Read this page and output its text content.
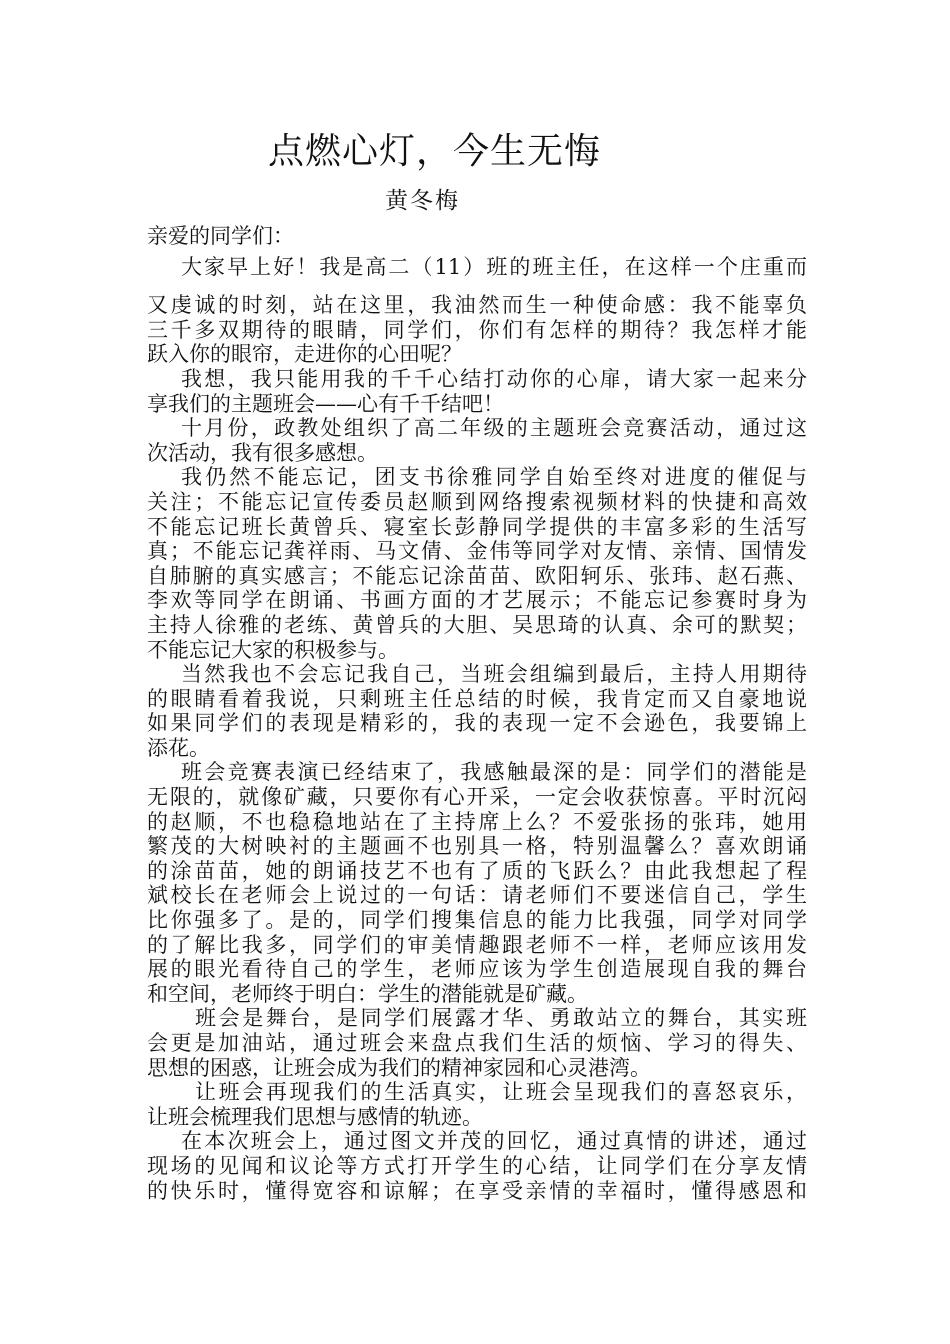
点燃心灯，今生无悔
黄冬梅
亲爱的同学们：
大家早上好！我是高二（11）班的班主任，在这样一个庄重而
又虔诚的时刻，站在这里，我油然而生一种使命感：我不能辜负
三千多双期待的眼睛，同学们，你们有怎样的期待？我怎样才能
跃入你的眼帘，走进你的心田呢？
我想，我只能用我的千千心结打动你的心扉，请大家一起来分
享我们的主题班会——心有千千结吧！
十月份，政教处组织了高二年级的主题班会竞赛活动，通过这
次活动，我有很多感想。
我仍然不能忘记，团支书徐雅同学自始至终对进度的催促与
关注；不能忘记宣传委员赵顺到网络搜索视频材料的快捷和高效
不能忘记班长黄曾兵、寝室长彭静同学提供的丰富多彩的生活写
真；不能忘记龚祥雨、马文倩、金伟等同学对友情、亲情、国情发
自肺腑的真实感言；不能忘记涂苗苗、欧阳轲乐、张玮、赵石燕、
李欢等同学在朗诵、书画方面的才艺展示；不能忘记参赛时身为
主持人徐雅的老练、黄曾兵的大胆、吴思琦的认真、余可的默契；
不能忘记大家的积极参与。
当然我也不会忘记我自己，当班会组编到最后，主持人用期待
的眼睛看着我说，只剩班主任总结的时候，我肯定而又自豪地说
如果同学们的表现是精彩的，我的表现一定不会逊色，我要锦上
添花。
班会竞赛表演已经结束了，我感触最深的是：同学们的潜能是
无限的，就像矿藏，只要你有心开采，一定会收获惊喜。平时沉闷
的赵顺，不也稳稳地站在了主持席上么？不爱张扬的张玮，她用
繁茂的大树映衬的主题画不也别具一格，特别温馨么？喜欢朗诵
的涂苗苗，她的朗诵技艺不也有了质的飞跃么？由此我想起了程
斌校长在老师会上说过的一句话：请老师们不要迷信自己，学生
比你强多了。是的，同学们搜集信息的能力比我强，同学对同学
的了解比我多，同学们的审美情趣跟老师不一样，老师应该用发
展的眼光看待自己的学生，老师应该为学生创造展现自我的舞台
和空间，老师终于明白：学生的潜能就是矿藏。
班会是舞台，是同学们展露才华、勇敢站立的舞台，其实班
会更是加油站，通过班会来盘点我们生活的烦恼、学习的得失、
思想的困惑，让班会成为我们的精神家园和心灵港湾。
让班会再现我们的生活真实，让班会呈现我们的喜怒哀乐，
让班会梳理我们思想与感情的轨迹。
在本次班会上，通过图文并茂的回忆，通过真情的讲述，通过
现场的见闻和议论等方式打开学生的心结，让同学们在分享友情
的快乐时，懂得宽容和谅解；在享受亲情的幸福时，懂得感恩和
